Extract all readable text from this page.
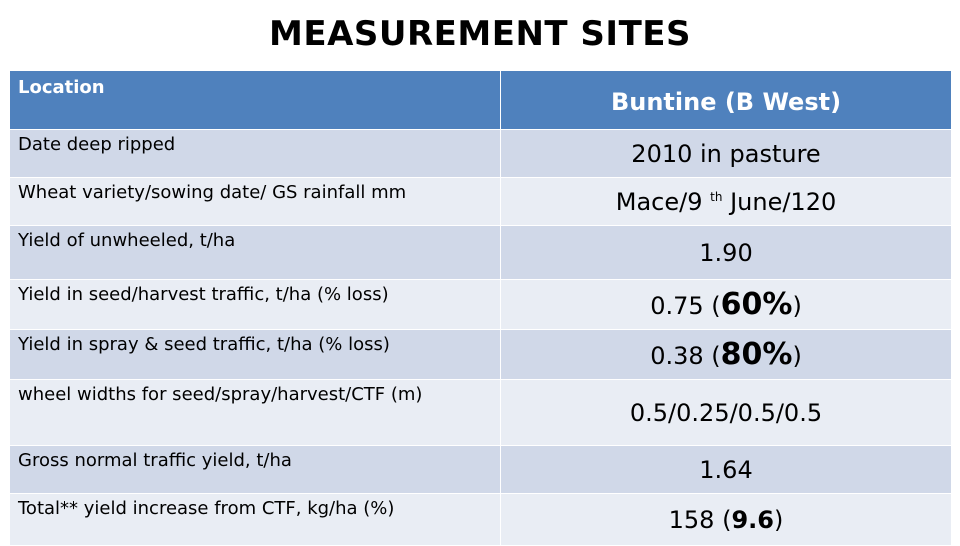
MEASUREMENT SITES
Location	Buntine (B West)
Date deep ripped	2010 in pasture
Wheat variety/sowing date/ GS rainfall mm	Mace/9 $^{th}$ June/120
Yield of unwheeled, t/ha	1.90
Yield in seed/harvest traffic, t/ha (% loss)	0.75 (60%)
Yield in spray & seed traffic, t/ha (% loss)	0.38 (80%)
wheel widths for seed/spray/harvest/CTF (m)	0.5/0.25/0.5/0.5
Gross normal traffic yield, t/ha	1.64
Total** yield increase from CTF, kg/ha (%)	158 (9.6)
